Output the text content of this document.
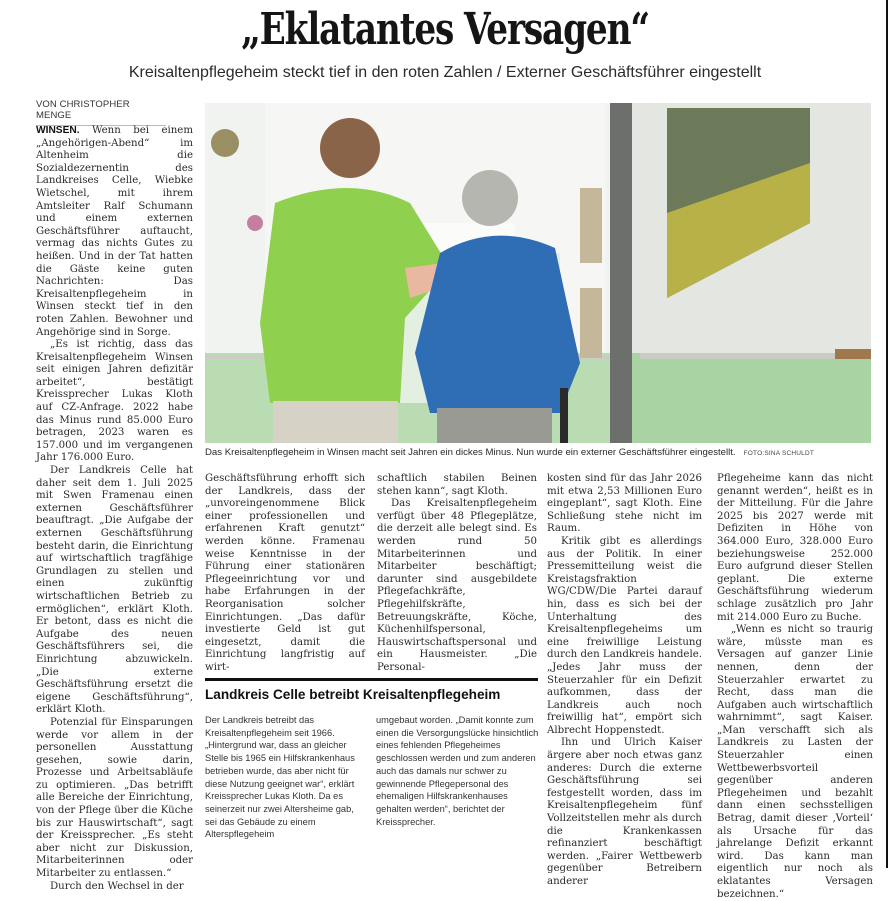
„Eklatantes Versagen“
Kreisaltenpflegeheim steckt tief in den roten Zahlen / Externer Geschäftsführer eingestellt
VON CHRISTOPHER MENGE

WINSEN. Wenn bei einem „Angehörigen-Abend“ im Altenheim die Sozialdezernentin des Landkreises Celle, Wiebke Wietschel, mit ihrem Amtsleiter Ralf Schumann und einem externen Geschäftsführer auftaucht, vermag das nichts Gutes zu heißen. Und in der Tat hatten die Gäste keine guten Nachrichten: Das Kreisaltenpflegeheim in Winsen steckt tief in den roten Zahlen. Bewohner und Angehörige sind in Sorge.

„Es ist richtig, dass das Kreisaltenpflegeheim Winsen seit einigen Jahren defizitär arbeitet“, bestätigt Kreissprecher Lukas Kloth auf CZ-Anfrage. 2022 habe das Minus rund 85.000 Euro betragen, 2023 waren es 157.000 und im vergangenen Jahr 176.000 Euro.

Der Landkreis Celle hat daher seit dem 1. Juli 2025 mit Swen Framenau einen externen Geschäftsführer beauftragt. „Die Aufgabe der externen Geschäftsführung besteht darin, die Einrichtung auf wirtschaftlich tragfähige Grundlagen zu stellen und einen zukünftig wirtschaftlichen Betrieb zu ermöglichen“, erklärt Kloth. Er betont, dass es nicht die Aufgabe des neuen Geschäftsführers sei, die Einrichtung abzuwickeln. „Die externe Geschäftsführung ersetzt die eigene Geschäftsführung“, erklärt Kloth.

Potenzial für Einsparungen werde vor allem in der personellen Ausstattung gesehen, sowie darin, Prozesse und Arbeitsabläufe zu optimieren. „Das betrifft alle Bereiche der Einrichtung, von der Pflege über die Küche bis zur Hauswirtschaft“, sagt der Kreissprecher. „Es steht aber nicht zur Diskussion, Mitarbeiterinnen oder Mitarbeiter zu entlassen.“

Durch den Wechsel in der

Das Kreisaltenpflegeheim in Winsen macht seit Jahren ein dickes Minus. Nun wurde ein externer Geschäftsführer eingestellt. FOTO:SINA SCHULDT

Geschäftsführung erhofft sich der Landkreis, dass der „unvoreingenommene Blick einer professionellen und erfahrenen Kraft genutzt“ werden könne. Framenau weise Kenntnisse in der Führung einer stationären Pflegeeinrichtung vor und habe Erfahrungen in der Reorganisation solcher Einrichtungen. „Das dafür investierte Geld ist gut eingesetzt, damit die Einrichtung langfristig auf wirt-

schaftlich stabilen Beinen stehen kann“, sagt Kloth.

Das Kreisaltenpflegeheim verfügt über 48 Pflegeplätze, die derzeit alle belegt sind. Es werden rund 50 Mitarbeiterinnen und Mitarbeiter beschäftigt; darunter sind ausgebildete Pflegefachkräfte, Pflegehilfskräfte, Betreuungskräfte, Köche, Küchenhilfspersonal, Hauswirtschaftspersonal und ein Hausmeister. „Die Personal-

kosten sind für das Jahr 2026 mit etwa 2,53 Millionen Euro eingeplant“, sagt Kloth. Eine Schließung stehe nicht im Raum.

Kritik gibt es allerdings aus der Politik. In einer Pressemitteilung weist die Kreistagsfraktion WG/CDW/Die Partei darauf hin, dass es sich bei der Unterhaltung des Kreisaltenpflegeheims um eine freiwillige Leistung durch den Landkreis handele. „Jedes Jahr muss der Steuerzahler für ein Defizit aufkommen, dass der Landkreis auch noch freiwillig hat“, empört sich Albrecht Hoppenstedt.

Ihn und Ulrich Kaiser ärgere aber noch etwas ganz anderes: Durch die externe Geschäftsführung sei festgestellt worden, dass im Kreisaltenpflegeheim fünf Vollzeitstellen mehr als durch die Krankenkassen refinanziert beschäftigt werden. „Fairer Wettbewerb gegenüber Betreibern anderer

Pflegeheime kann das nicht genannt werden“, heißt es in der Mitteilung. Für die Jahre 2025 bis 2027 werde mit Defiziten in Höhe von 364.000 Euro, 328.000 Euro beziehungsweise 252.000 Euro aufgrund dieser Stellen geplant. Die externe Geschäftsführung wiederum schlage zusätzlich pro Jahr mit 214.000 Euro zu Buche.

„Wenn es nicht so traurig wäre, müsste man es Versagen auf ganzer Linie nennen, denn der Steuerzahler erwartet zu Recht, dass man die Aufgaben auch wirtschaftlich wahrnimmt“, sagt Kaiser. „Man verschafft sich als Landkreis zu Lasten der Steuerzahler einen Wettbewerbsvorteil gegenüber anderen Pflegeheimen und bezahlt dann einen sechsstelligen Betrag, damit dieser ‚Vorteil‘ als Ursache für das jahrelange Defizit erkannt wird. Das kann man eigentlich nur noch als eklatantes Versagen bezeichnen.“

Landkreis Celle betreibt Kreisaltenpflegeheim

Der Landkreis betreibt das Kreisaltenpflegeheim seit 1966. „Hintergrund war, dass an gleicher Stelle bis 1965 ein Hilfskrankenhaus betrieben wurde, das aber nicht für diese Nutzung geeignet war“, erklärt Kreissprecher Lukas Kloth. Da es seinerzeit nur zwei Altersheime gab, sei das Gebäude zu einem Alterspflegeheim

umgebaut worden. „Damit konnte zum einen die Versorgungslücke hinsichtlich eines fehlenden Pflegeheimes geschlossen werden und zum anderen auch das damals nur schwer zu gewinnende Pflegepersonal des ehemaligen Hilfskrankenhauses gehalten werden“, berichtet der Kreissprecher.
